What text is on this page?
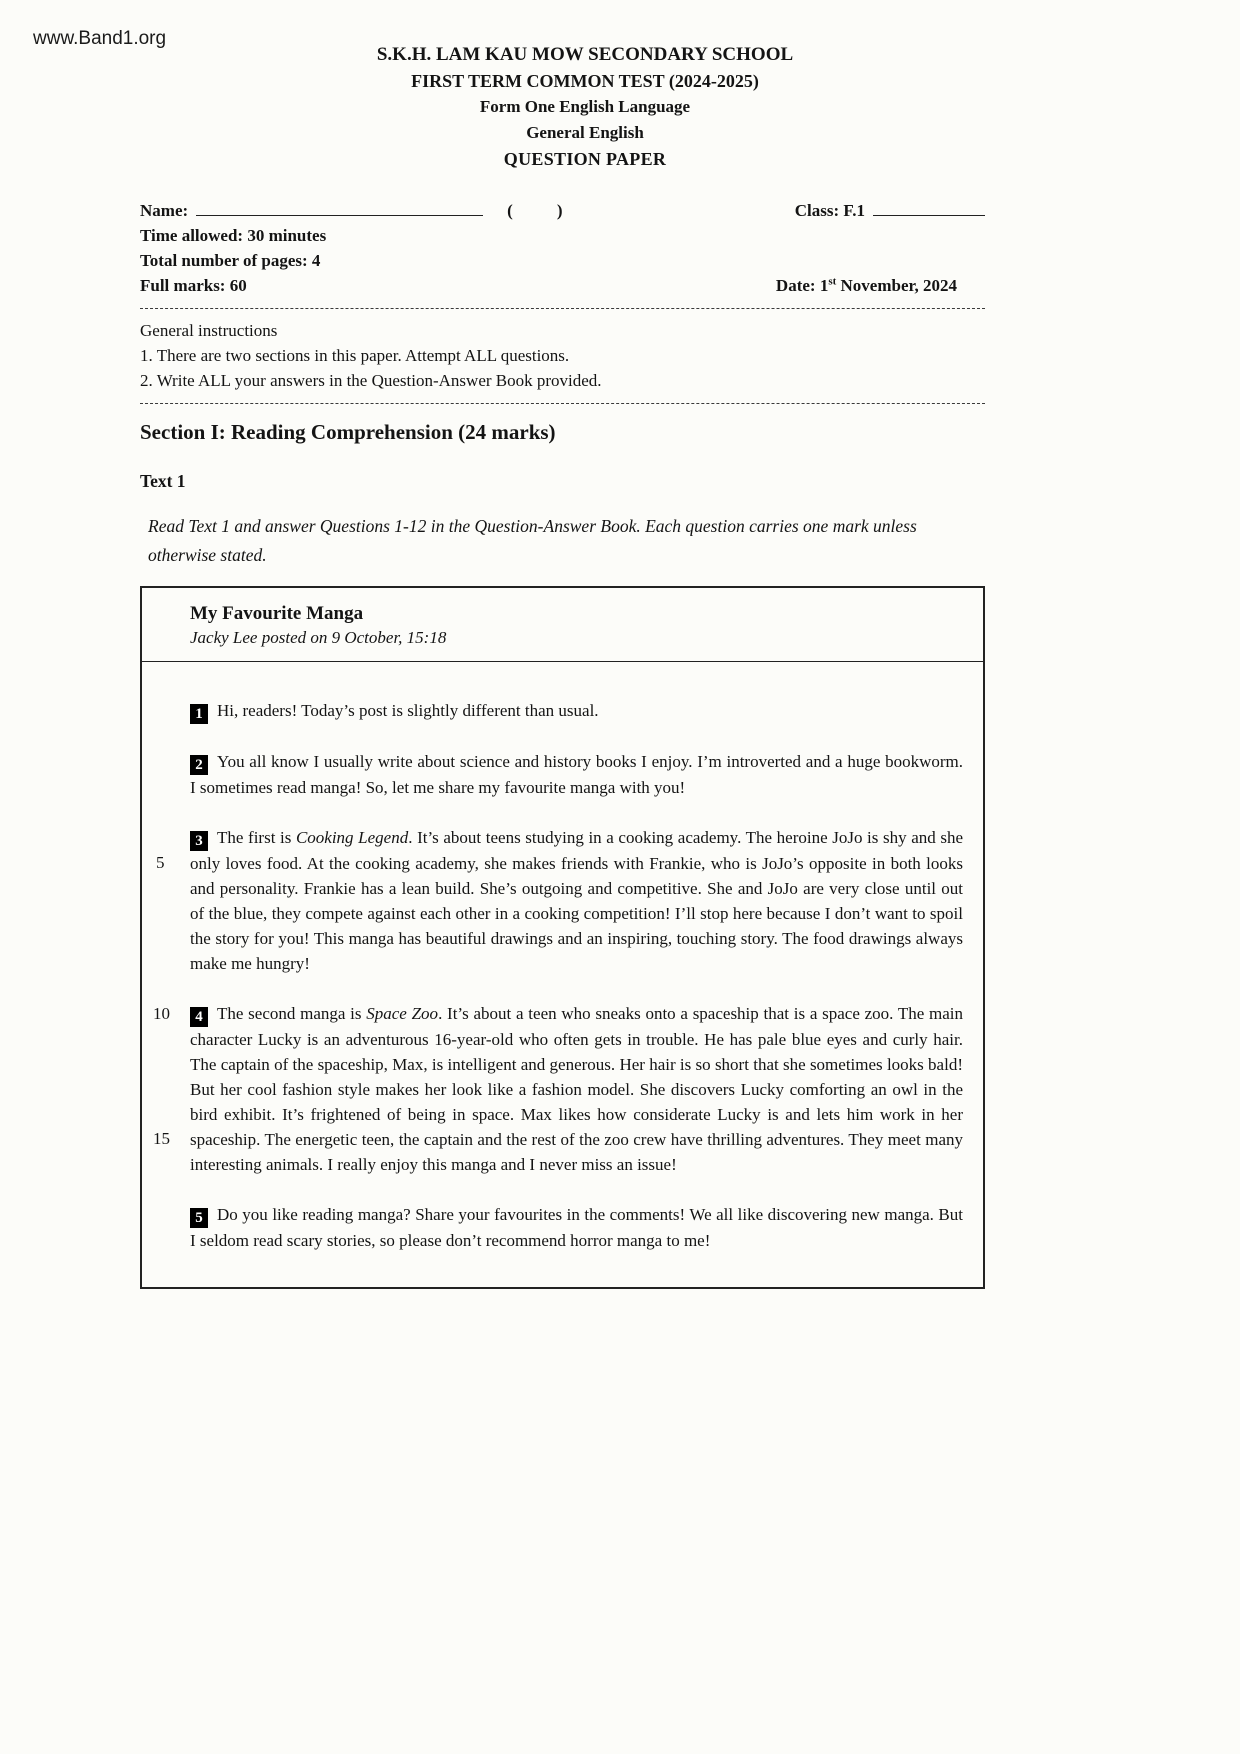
www.Band1.org
S.K.H. LAM KAU MOW SECONDARY SCHOOL
FIRST TERM COMMON TEST (2024-2025)
Form One English Language
General English
QUESTION PAPER
Name:	(	)	Class: F.1
Time allowed: 30 minutes
Total number of pages: 4
Full marks: 60	Date: 1st November, 2024
General instructions
1. There are two sections in this paper. Attempt ALL questions.
2. Write ALL your answers in the Question-Answer Book provided.
Section I: Reading Comprehension (24 marks)
Text 1
Read Text 1 and answer Questions 1-12 in the Question-Answer Book. Each question carries one mark unless otherwise stated.
My Favourite Manga
Jacky Lee posted on 9 October, 15:18
1 Hi, readers! Today’s post is slightly different than usual.
2 You all know I usually write about science and history books I enjoy. I’m introverted and a huge bookworm. I sometimes read manga! So, let me share my favourite manga with you!
5
3 The first is Cooking Legend. It’s about teens studying in a cooking academy. The heroine JoJo is shy and she only loves food. At the cooking academy, she makes friends with Frankie, who is JoJo’s opposite in both looks and personality. Frankie has a lean build. She’s outgoing and competitive. She and JoJo are very close until out of the blue, they compete against each other in a cooking competition! I’ll stop here because I don’t want to spoil the story for you! This manga has beautiful drawings and an inspiring, touching story. The food drawings always make me hungry!
10
15
4 The second manga is Space Zoo. It’s about a teen who sneaks onto a spaceship that is a space zoo. The main character Lucky is an adventurous 16-year-old who often gets in trouble. He has pale blue eyes and curly hair. The captain of the spaceship, Max, is intelligent and generous. Her hair is so short that she sometimes looks bald! But her cool fashion style makes her look like a fashion model. She discovers Lucky comforting an owl in the bird exhibit. It’s frightened of being in space. Max likes how considerate Lucky is and lets him work in her spaceship. The energetic teen, the captain and the rest of the zoo crew have thrilling adventures. They meet many interesting animals. I really enjoy this manga and I never miss an issue!
5 Do you like reading manga? Share your favourites in the comments! We all like discovering new manga. But I seldom read scary stories, so please don’t recommend horror manga to me!
